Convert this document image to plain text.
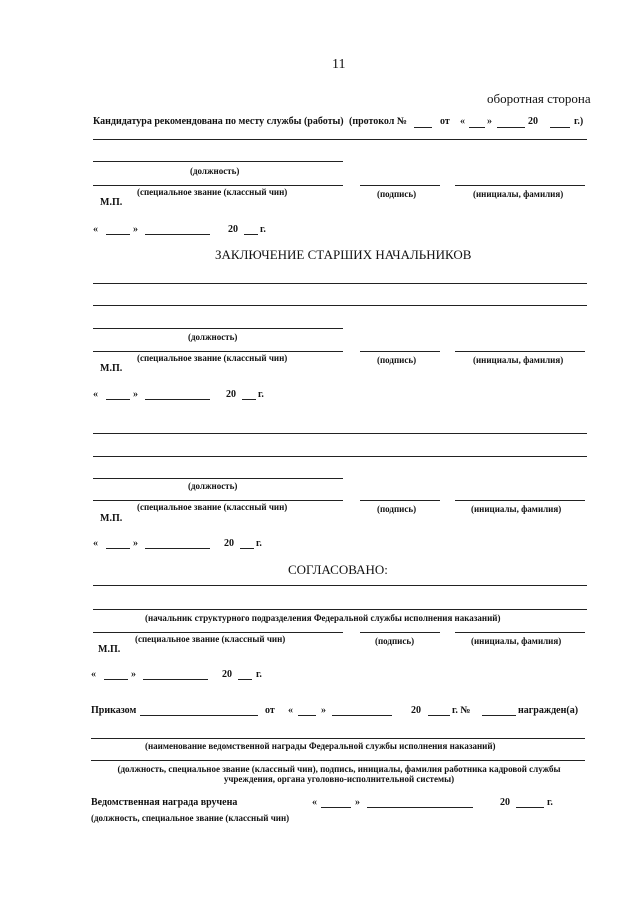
11
оборотная сторона
Кандидатура рекомендована по месту службы (работы) (протокол №	от « »	20	г.)
(должность)
(специальное звание (классный чин)	(подпись)	(инициалы, фамилия)
М.П.
«	»	20 г.
ЗАКЛЮЧЕНИЕ СТАРШИХ НАЧАЛЬНИКОВ
(должность)
(специальное звание (классный чин)	(подпись)	(инициалы, фамилия)
М.П.
«	»	20 г.
(должность)
(специальное звание (классный чин)	(подпись)	(инициалы, фамилия)
М.П.
«	»	20 г.
СОГЛАСОВАНО:
(начальник структурного подразделения Федеральной службы исполнения наказаний)
(специальное звание (классный чин)	(подпись)	(инициалы, фамилия)
М.П.
«	»	20 г.
Приказом	от «	»	20	г. №	награжден(а)
(наименование ведомственной награды Федеральной службы исполнения наказаний)
(должность, специальное звание (классный чин), подпись, инициалы, фамилия работника кадровой службы учреждения, органа уголовно-исполнительной системы)
Ведомственная награда вручена	«	»	20	г.
(должность, специальное звание (классный чин)
